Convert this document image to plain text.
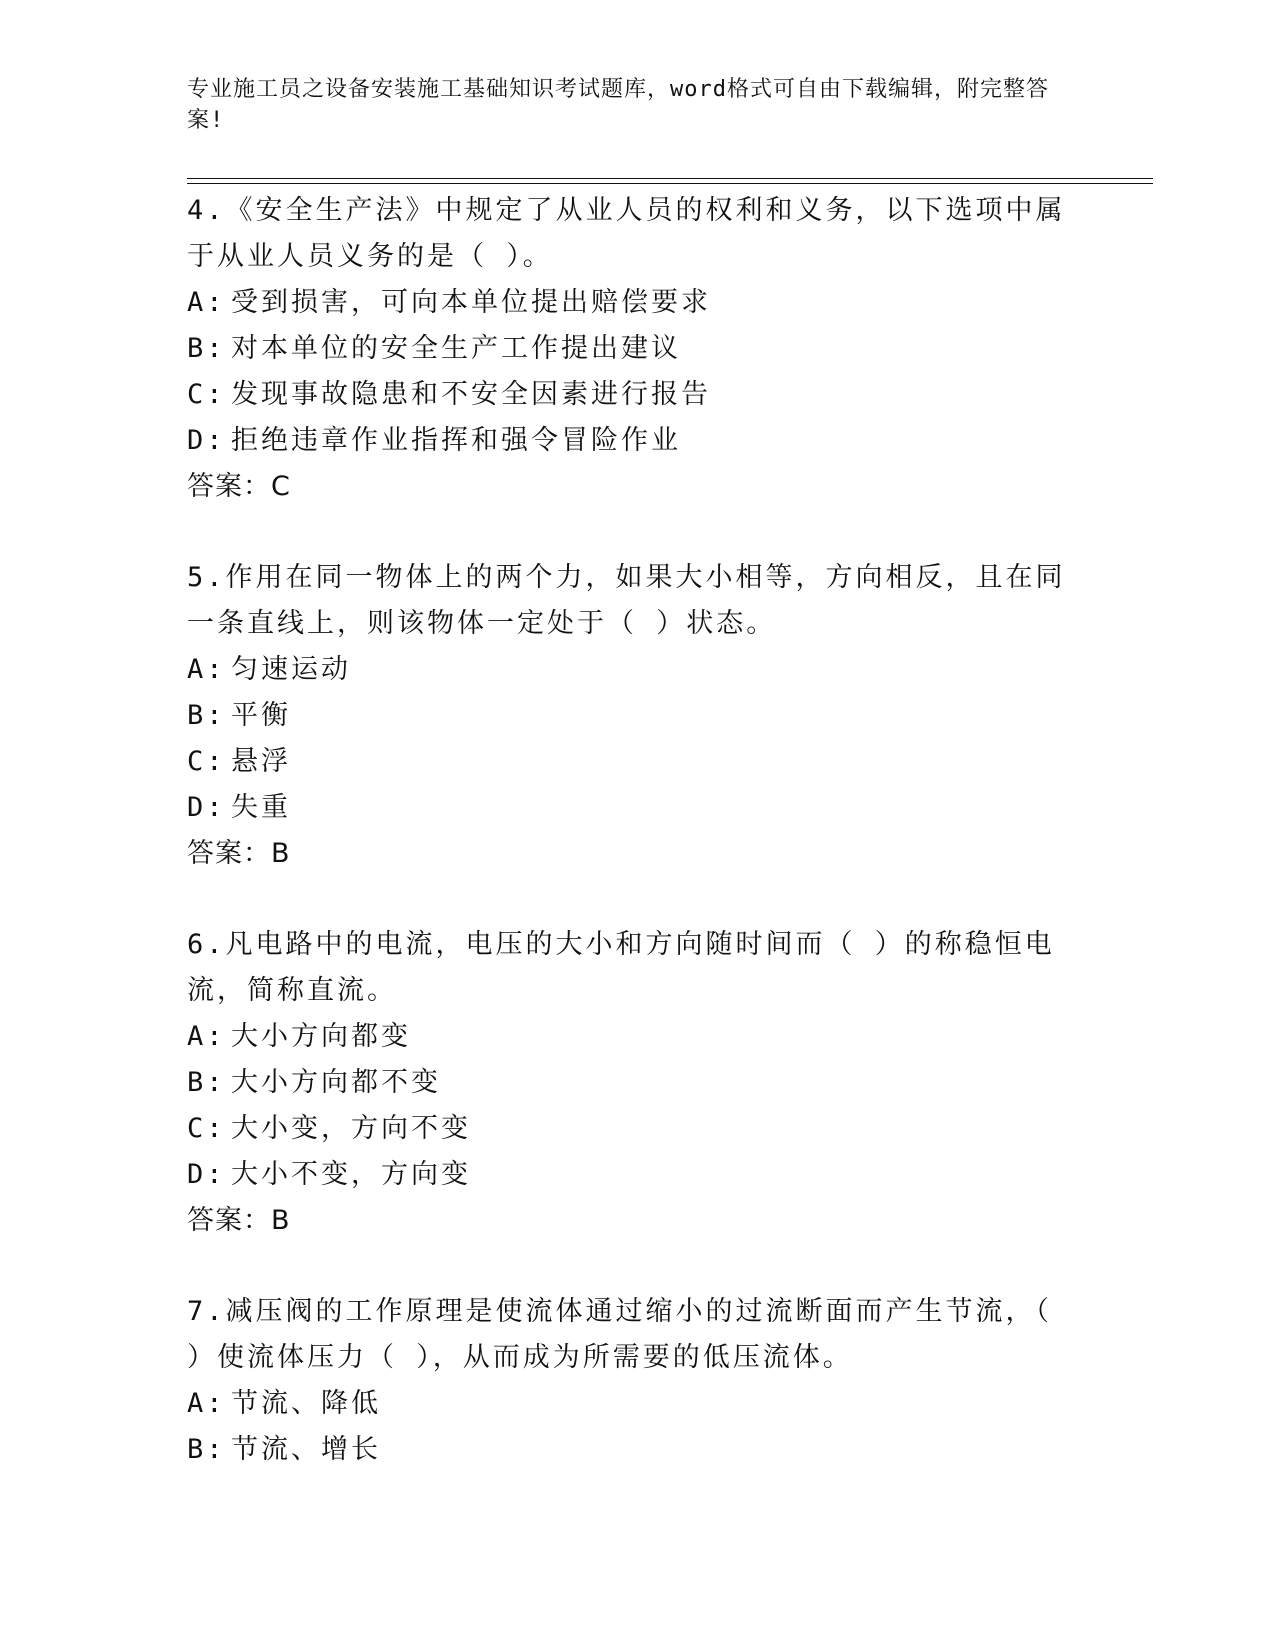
专业施工员之设备安装施工基础知识考试题库，word格式可自由下载编辑，附完整答案!
4.《安全生产法》中规定了从业人员的权利和义务，以下选项中属于从业人员义务的是（ ）。
A: 受到损害，可向本单位提出赔偿要求
B: 对本单位的安全生产工作提出建议
C: 发现事故隐患和不安全因素进行报告
D: 拒绝违章作业指挥和强令冒险作业
答案：C
5.作用在同一物体上的两个力，如果大小相等，方向相反，且在同一条直线上，则该物体一定处于（ ）状态。
A: 匀速运动
B: 平衡
C: 悬浮
D: 失重
答案：B
6.凡电路中的电流，电压的大小和方向随时间而（ ）的称稳恒电流，简称直流。
A: 大小方向都变
B: 大小方向都不变
C: 大小变，方向不变
D: 大小不变，方向变
答案：B
7.减压阀的工作原理是使流体通过缩小的过流断面而产生节流，（ ）使流体压力（ ），从而成为所需要的低压流体。
A: 节流、降低
B: 节流、增长
